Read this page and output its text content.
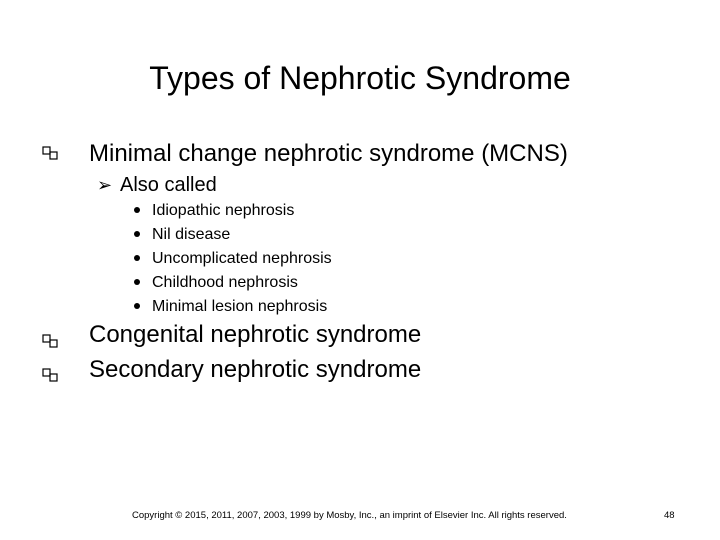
Types of Nephrotic Syndrome
Minimal change nephrotic syndrome (MCNS)
➢ Also called
Idiopathic nephrosis
Nil disease
Uncomplicated nephrosis
Childhood nephrosis
Minimal lesion nephrosis
Congenital nephrotic syndrome
Secondary nephrotic syndrome
Copyright © 2015, 2011, 2007, 2003, 1999 by Mosby, Inc., an imprint of Elsevier Inc. All rights reserved.	48
